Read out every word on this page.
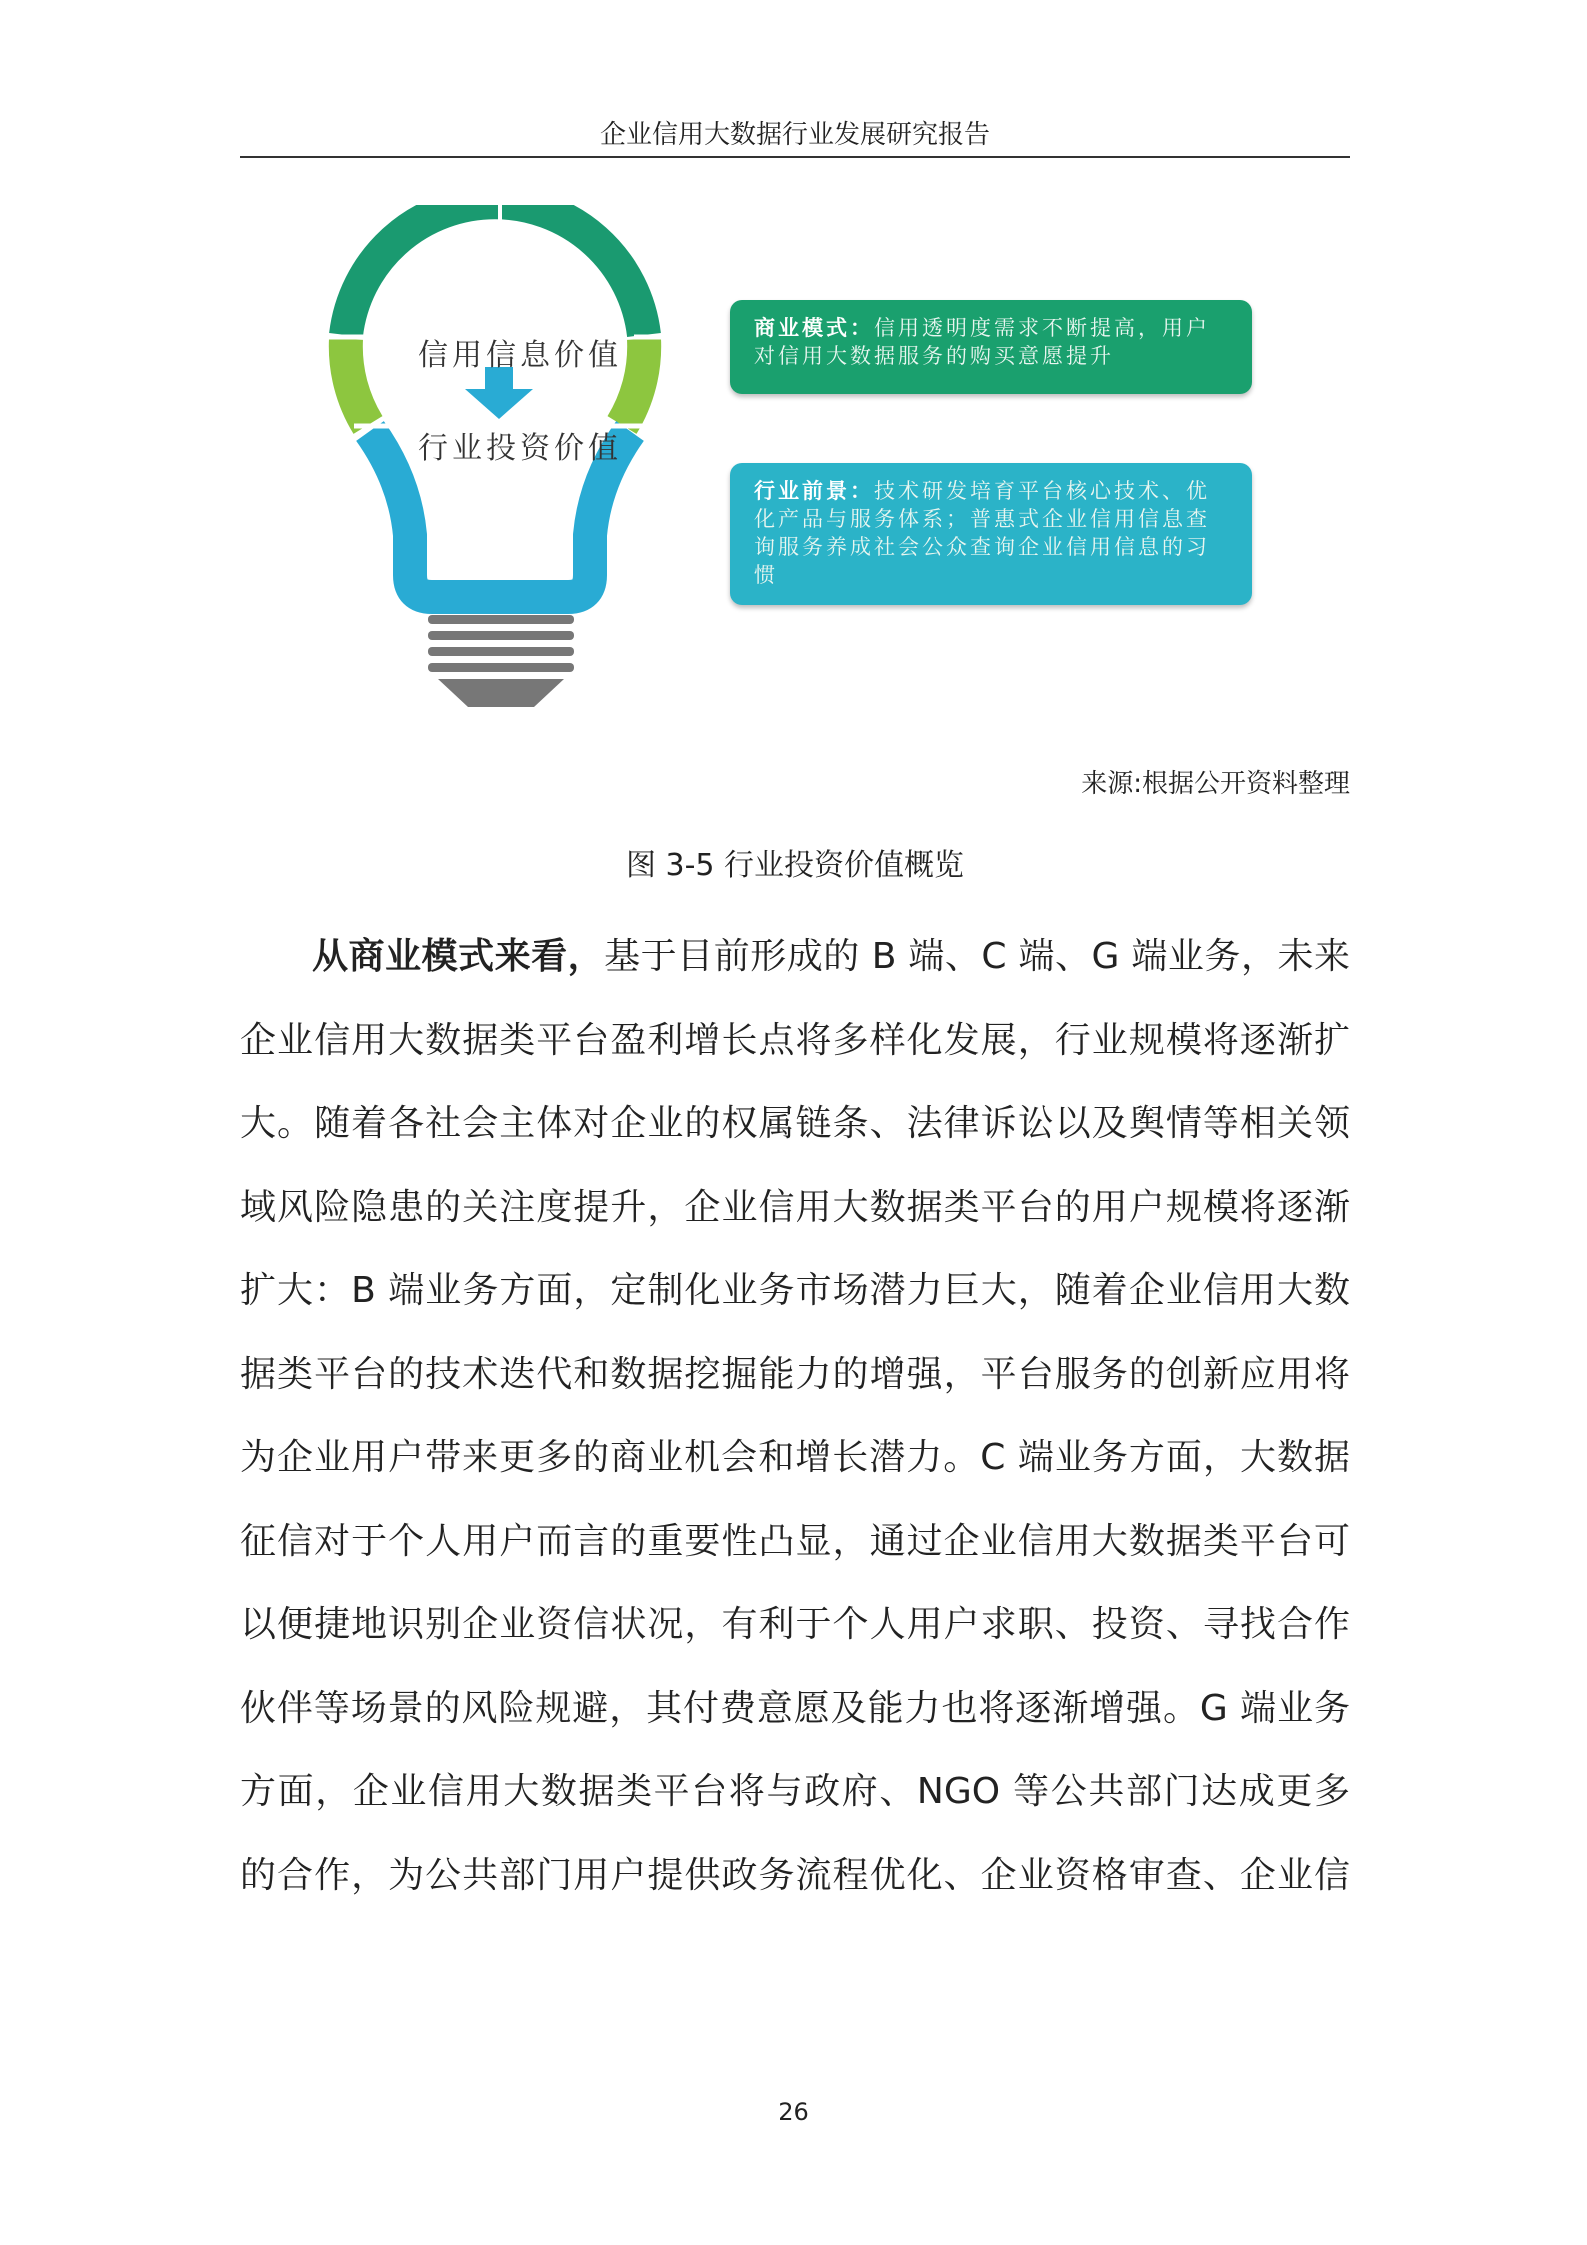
企业信用大数据行业发展研究报告
信用信息价值
行业投资价值
商业模式：信用透明度需求不断提高，用户对信用大数据服务的购买意愿提升
行业前景：技术研发培育平台核心技术、优化产品与服务体系；普惠式企业信用信息查询服务养成社会公众查询企业信用信息的习惯
来源:根据公开资料整理
图 3-5 行业投资价值概览
从商业模式来看，基于目前形成的 B 端、C 端、G 端业务，未来
企业信用大数据类平台盈利增长点将多样化发展，行业规模将逐渐扩
大。随着各社会主体对企业的权属链条、法律诉讼以及舆情等相关领
域风险隐患的关注度提升，企业信用大数据类平台的用户规模将逐渐
扩大：B 端业务方面，定制化业务市场潜力巨大，随着企业信用大数
据类平台的技术迭代和数据挖掘能力的增强，平台服务的创新应用将
为企业用户带来更多的商业机会和增长潜力。C 端业务方面，大数据
征信对于个人用户而言的重要性凸显，通过企业信用大数据类平台可
以便捷地识别企业资信状况，有利于个人用户求职、投资、寻找合作
伙伴等场景的风险规避，其付费意愿及能力也将逐渐增强。G 端业务
方面，企业信用大数据类平台将与政府、NGO 等公共部门达成更多
的合作，为公共部门用户提供政务流程优化、企业资格审查、企业信
26
